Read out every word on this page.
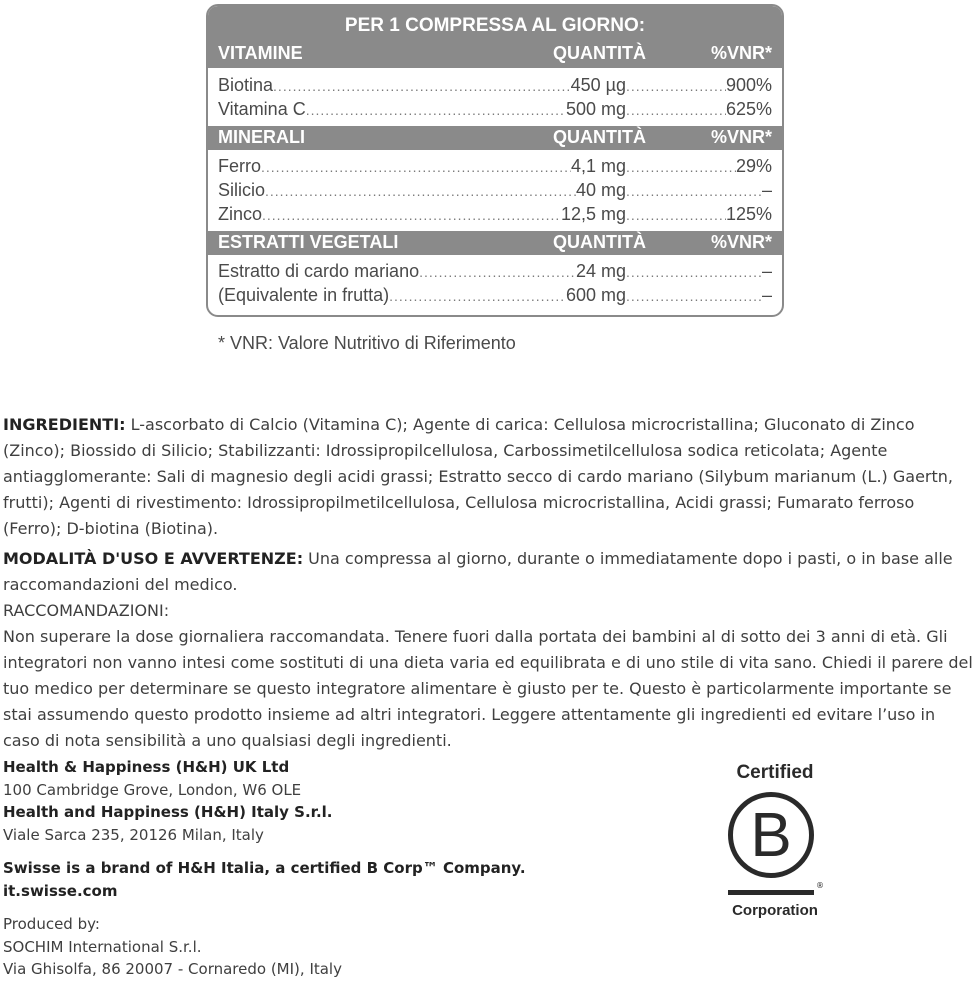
PER 1 COMPRESSA AL GIORNO:
VITAMINE	QUANTITÀ	%VNR*
Biotina .....	450 µg .....	900%
Vitamina C .....	500 mg .....	625%
MINERALI	QUANTITÀ	%VNR*
Ferro .....	4,1 mg .....	29%
Silicio .....	40 mg .....	–
Zinco .....	12,5 mg .....	125%
ESTRATTI VEGETALI	QUANTITÀ	%VNR*
Estratto di cardo mariano .....	24 mg .....	–
(Equivalente in frutta) .....	600 mg .....	–
* VNR: Valore Nutritivo di Riferimento
INGREDIENTI: L-ascorbato di Calcio (Vitamina C); Agente di carica: Cellulosa microcristallina; Gluconato di Zinco (Zinco); Biossido di Silicio; Stabilizzanti: Idrossipropilcellulosa, Carbossimetilcellulosa sodica reticolata; Agente antiagglomerante: Sali di magnesio degli acidi grassi; Estratto secco di cardo mariano (Silybum marianum (L.) Gaertn, frutti); Agenti di rivestimento: Idrossipropilmetilcellulosa, Cellulosa microcristallina, Acidi grassi; Fumarato ferroso (Ferro); D-biotina (Biotina).
MODALITÀ D'USO E AVVERTENZE: Una compressa al giorno, durante o immediatamente dopo i pasti, o in base alle raccomandazioni del medico.
RACCOMANDAZIONI:
Non superare la dose giornaliera raccomandata. Tenere fuori dalla portata dei bambini al di sotto dei 3 anni di età. Gli integratori non vanno intesi come sostituti di una dieta varia ed equilibrata e di uno stile di vita sano. Chiedi il parere del tuo medico per determinare se questo integratore alimentare è giusto per te. Questo è particolarmente importante se stai assumendo questo prodotto insieme ad altri integratori. Leggere attentamente gli ingredienti ed evitare l’uso in caso di nota sensibilità a uno qualsiasi degli ingredienti.
Health & Happiness (H&H) UK Ltd
100 Cambridge Grove, London, W6 OLE
Health and Happiness (H&H) Italy S.r.l.
Viale Sarca 235, 20126 Milan, Italy
Swisse is a brand of H&H Italia, a certified B Corp™ Company.
it.swisse.com
Produced by:
SOCHIM International S.r.l.
Via Ghisolfa, 86 20007 - Cornaredo (MI), Italy
Certified
B
®
Corporation
